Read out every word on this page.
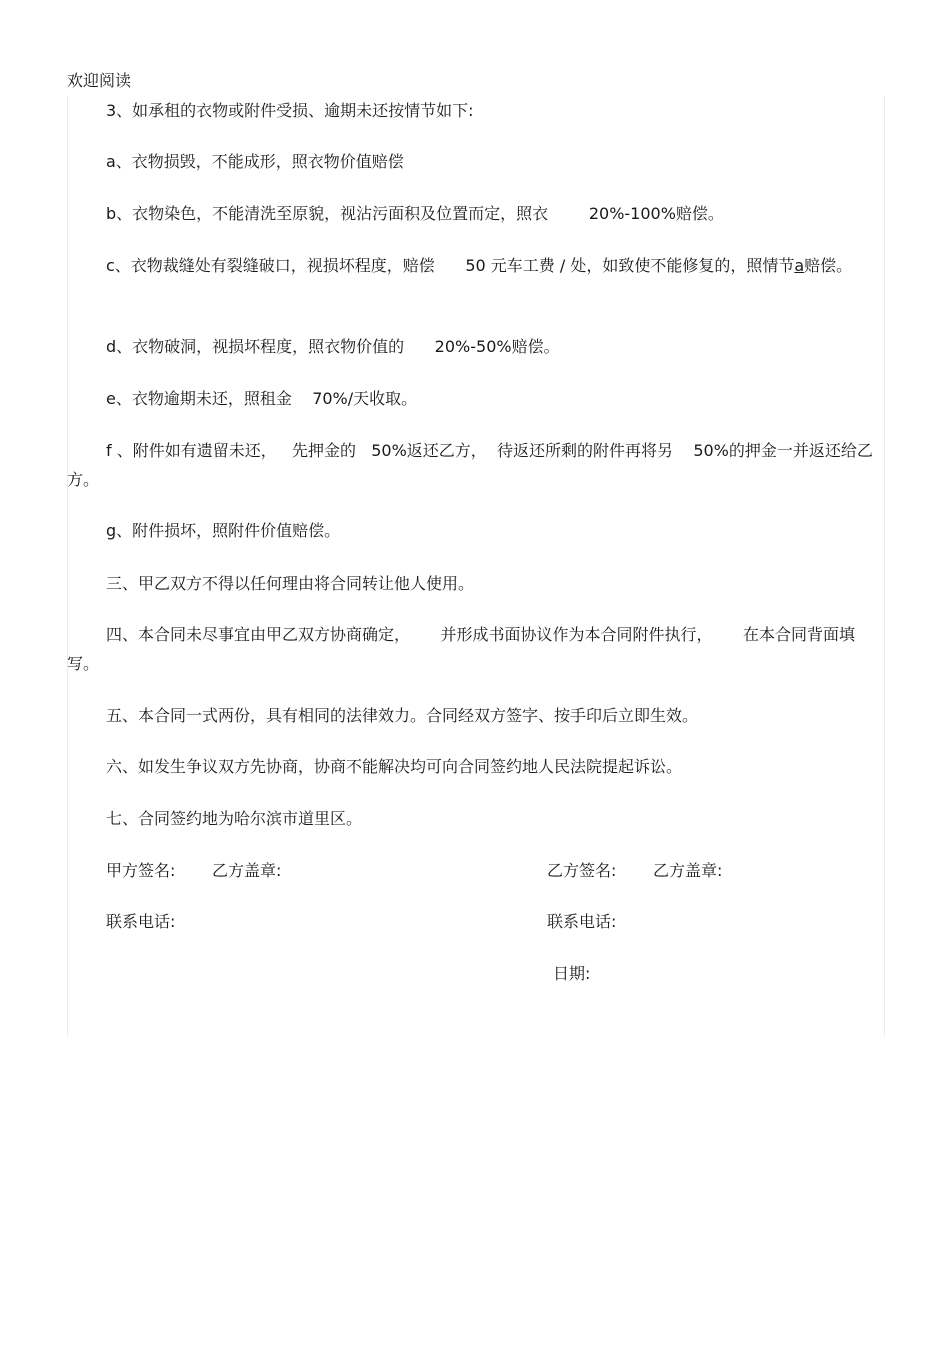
欢迎阅读
3、如承租的衣物或附件受损、逾期未还按情节如下:
a、衣物损毁，不能成形，照衣物价值赔偿
b、衣物染色，不能清洗至原貌，视沾污面积及位置而定，照衣        20%-100%赔偿。
c、衣物裁缝处有裂缝破口，视损坏程度，赔偿      50 元车工费 / 处，如致使不能修复的，照情节a赔偿。
d、衣物破洞，视损坏程度，照衣物价值的      20%-50%赔偿。
e、衣物逾期未还，照租金    70%/天收取。
f 、附件如有遗留未还，   先押金的   50%返还乙方，  待返还所剩的附件再将另    50%的押金一并返还给乙方。
g、附件损坏，照附件价值赔偿。
三、甲乙双方不得以任何理由将合同转让他人使用。
四、本合同未尽事宜由甲乙双方协商确定，      并形成书面协议作为本合同附件执行，      在本合同背面填写。
五、本合同一式两份，具有相同的法律效力。合同经双方签字、按手印后立即生效。
六、如发生争议双方先协商，协商不能解决均可向合同签约地人民法院提起诉讼。
七、合同签约地为哈尔滨市道里区。
甲方签名: 乙方盖章:	乙方签名: 乙方盖章:
联系电话:	联系电话:
日期:
